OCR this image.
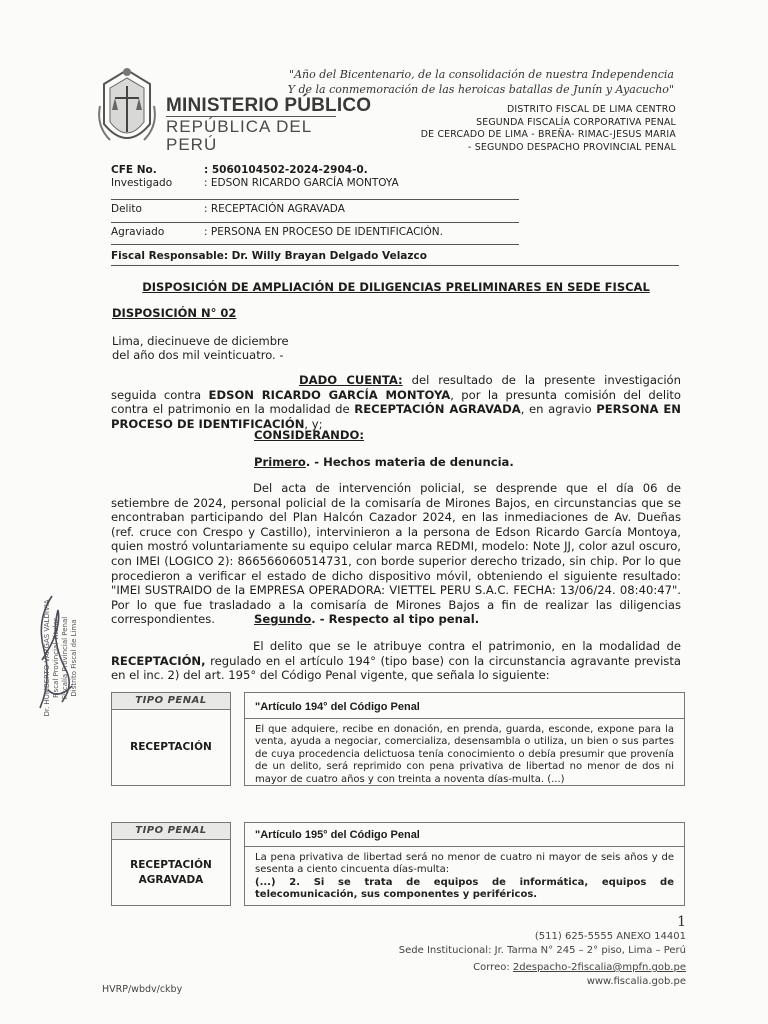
MINISTERIO PÚBLICO
REPÚBLICA DEL PERÚ
"Año del Bicentenario, de la consolidación de nuestra Independencia
Y de la conmemoración de las heroicas batallas de Junín y Ayacucho"
DISTRITO FISCAL DE LIMA CENTRO
SEGUNDA FISCALÍA CORPORATIVA PENAL
DE CERCADO DE LIMA - BREÑA- RIMAC-JESUS MARIA
- SEGUNDO DESPACHO PROVINCIAL PENAL
CFE No.	: 5060104502-2024-2904-0.
Investigado	: EDSON RICARDO GARCÍA MONTOYA
Delito	: RECEPTACIÓN AGRAVADA
Agraviado	: PERSONA EN PROCESO DE IDENTIFICACIÓN.
Fiscal Responsable: Dr. Willy Brayan Delgado Velazco
DISPOSICIÓN DE AMPLIACIÓN DE DILIGENCIAS PRELIMINARES EN SEDE FISCAL
DISPOSICIÓN N° 02
Lima, diecinueve de diciembre
del año dos mil veinticuatro. -
DADO CUENTA: del resultado de la presente investigación seguida contra EDSON RICARDO GARCÍA MONTOYA, por la presunta comisión del delito contra el patrimonio en la modalidad de RECEPTACIÓN AGRAVADA, en agravio PERSONA EN PROCESO DE IDENTIFICACIÓN, y;
CONSIDERANDO:
Primero. - Hechos materia de denuncia.
Del acta de intervención policial, se desprende que el día 06 de setiembre de 2024, personal policial de la comisaría de Mirones Bajos, en circunstancias que se encontraban participando del Plan Halcón Cazador 2024, en las inmediaciones de Av. Dueñas (ref. cruce con Crespo y Castillo), intervinieron a la persona de Edson Ricardo García Montoya, quien mostró voluntariamente su equipo celular marca REDMI, modelo: Note JJ, color azul oscuro, con IMEI (LOGICO 2): 866566060514731, con borde superior derecho trizado, sin chip. Por lo que procedieron a verificar el estado de dicho dispositivo móvil, obteniendo el siguiente resultado: "IMEI SUSTRAIDO de la EMPRESA OPERADORA: VIETTEL PERU S.A.C. FECHA: 13/06/24. 08:40:47". Por lo que fue trasladado a la comisaría de Mirones Bajos a fin de realizar las diligencias correspondientes.	Segundo. - Respecto al tipo penal.
El delito que se le atribuye contra el patrimonio, en la modalidad de RECEPTACIÓN, regulado en el artículo 194° (tipo base) con la circunstancia agravante prevista en el inc. 2) del art. 195° del Código Penal vigente, que señala lo siguiente:
TIPO PENAL
RECEPTACIÓN
"Artículo 194° del Código Penal
El que adquiere, recibe en donación, en prenda, guarda, esconde, expone para la venta, ayuda a negociar, comercializa, desensambla o utiliza, un bien o sus partes de cuya procedencia delictuosa tenía conocimiento o debía presumir que provenía de un delito, será reprimido con pena privativa de libertad no menor de dos ni mayor de cuatro años y con treinta a noventa días-multa. (...)
TIPO PENAL
RECEPTACIÓN
AGRAVADA
"Artículo 195° del Código Penal
La pena privativa de libertad será no menor de cuatro ni mayor de seis años y de sesenta a ciento cincuenta días-multa:
(...) 2. Si se trata de equipos de informática, equipos de telecomunicación, sus componentes y periféricos.
Dr. HUMBERTO VARGAS VALDIVIA Fiscal Provincial Titular Fiscalía Provincial Penal Distrito Fiscal de Lima
1
(511) 625-5555 ANEXO 14401
Sede Institucional: Jr. Tarma N° 245 – 2° piso, Lima – Perú
Correo: 2despacho-2fiscalia@mpfn.gob.pe
www.fiscalia.gob.pe
HVRP/wbdv/ckby
